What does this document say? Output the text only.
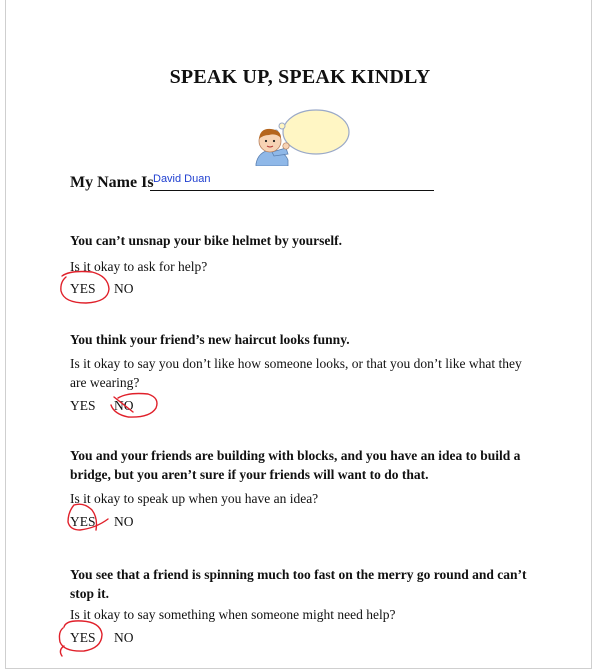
SPEAK UP, SPEAK KINDLY
My Name Is David Duan
You can’t unsnap your bike helmet by yourself.
Is it okay to ask for help?
YES NO
You think your friend’s new haircut looks funny.
Is it okay to say you don’t like how someone looks, or that you don’t like what they are wearing?
YES NO
You and your friends are building with blocks, and you have an idea to build a bridge, but you aren’t sure if your friends will want to do that.
Is it okay to speak up when you have an idea?
YES NO
You see that a friend is spinning much too fast on the merry go round and can’t stop it.
Is it okay to say something when someone might need help?
YES NO
